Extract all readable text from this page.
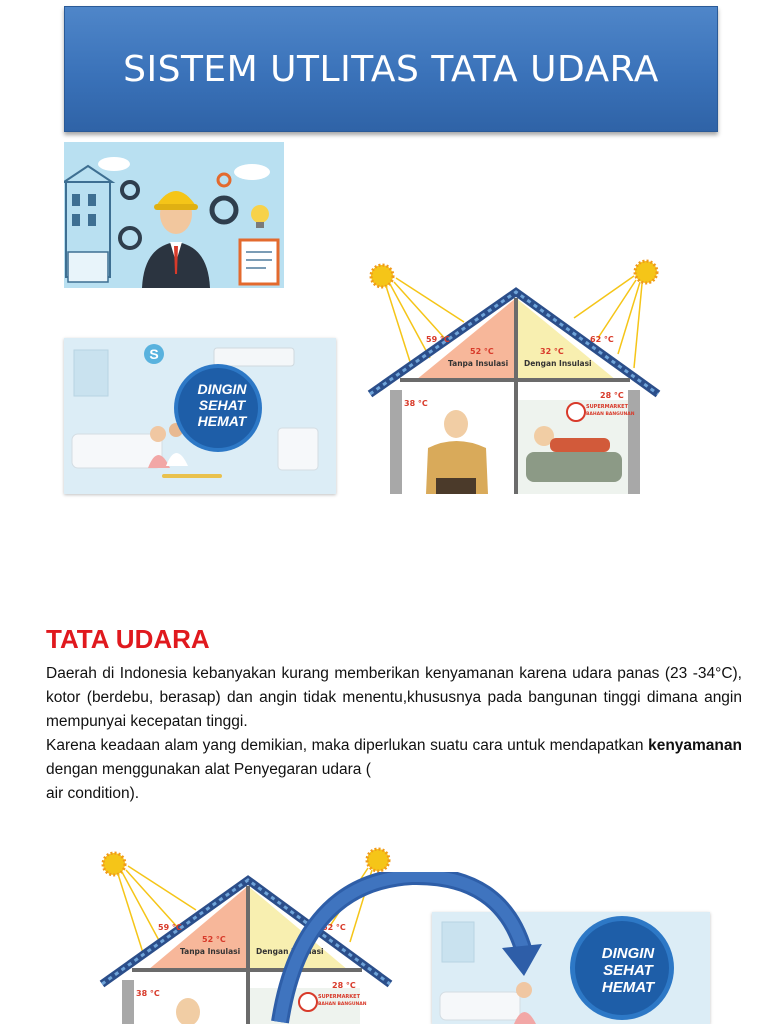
SISTEM UTLITAS TATA UDARA
S
DINGIN
SEHAT
HEMAT
59 °C	62 °C
52 °C
Tanpa Insulasi
32 °C
Dengan Insulasi
38 °C
28 °C
SUPERMARKET
BAHAN BANGUNAN
TATA UDARA

Daerah di Indonesia kebanyakan kurang memberikan kenyamanan karena udara panas (23 -34°C), kotor (berdebu, berasap) dan angin tidak menentu,khususnya pada bangunan tinggi dimana angin mempunyai kecepatan tinggi.

Karena keadaan alam yang demikian, maka diperlukan suatu cara untuk mendapatkan kenyamanan dengan menggunakan alat Penyegaran udara (

air condition).

59 °C	62 °C
52 °C
Tanpa Insulasi Dengan Insulasi
38 °C
28 °C
SUPERMARKET
BAHAN BANGUNAN
DINGIN
SEHAT
HEMAT
